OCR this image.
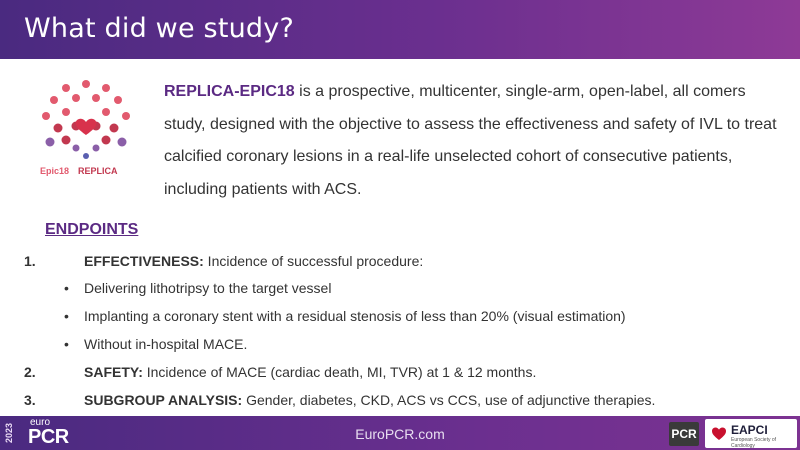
What did we study?
Epic18 REPLICA
REPLICA-EPIC18 is a prospective, multicenter, single-arm, open-label, all comers study, designed with the objective to assess the effectiveness and safety of IVL to treat calcified coronary lesions in a real-life unselected cohort of consecutive patients, including patients with ACS.
ENDPOINTS
1.	EFFECTIVENESS: Incidence of successful procedure:
• Delivering lithotripsy to the target vessel
• Implanting a coronary stent with a residual stenosis of less than 20% (visual estimation)
• Without in-hospital MACE.
2.	SAFETY: Incidence of MACE (cardiac death, MI, TVR) at 1 & 12 months.
3.	SUBGROUP ANALYSIS: Gender, diabetes, CKD, ACS vs CCS, use of adjunctive therapies.
2023
euro
PCR	EuroPCR.com	PCR	EAPCI
European Society of Cardiology
